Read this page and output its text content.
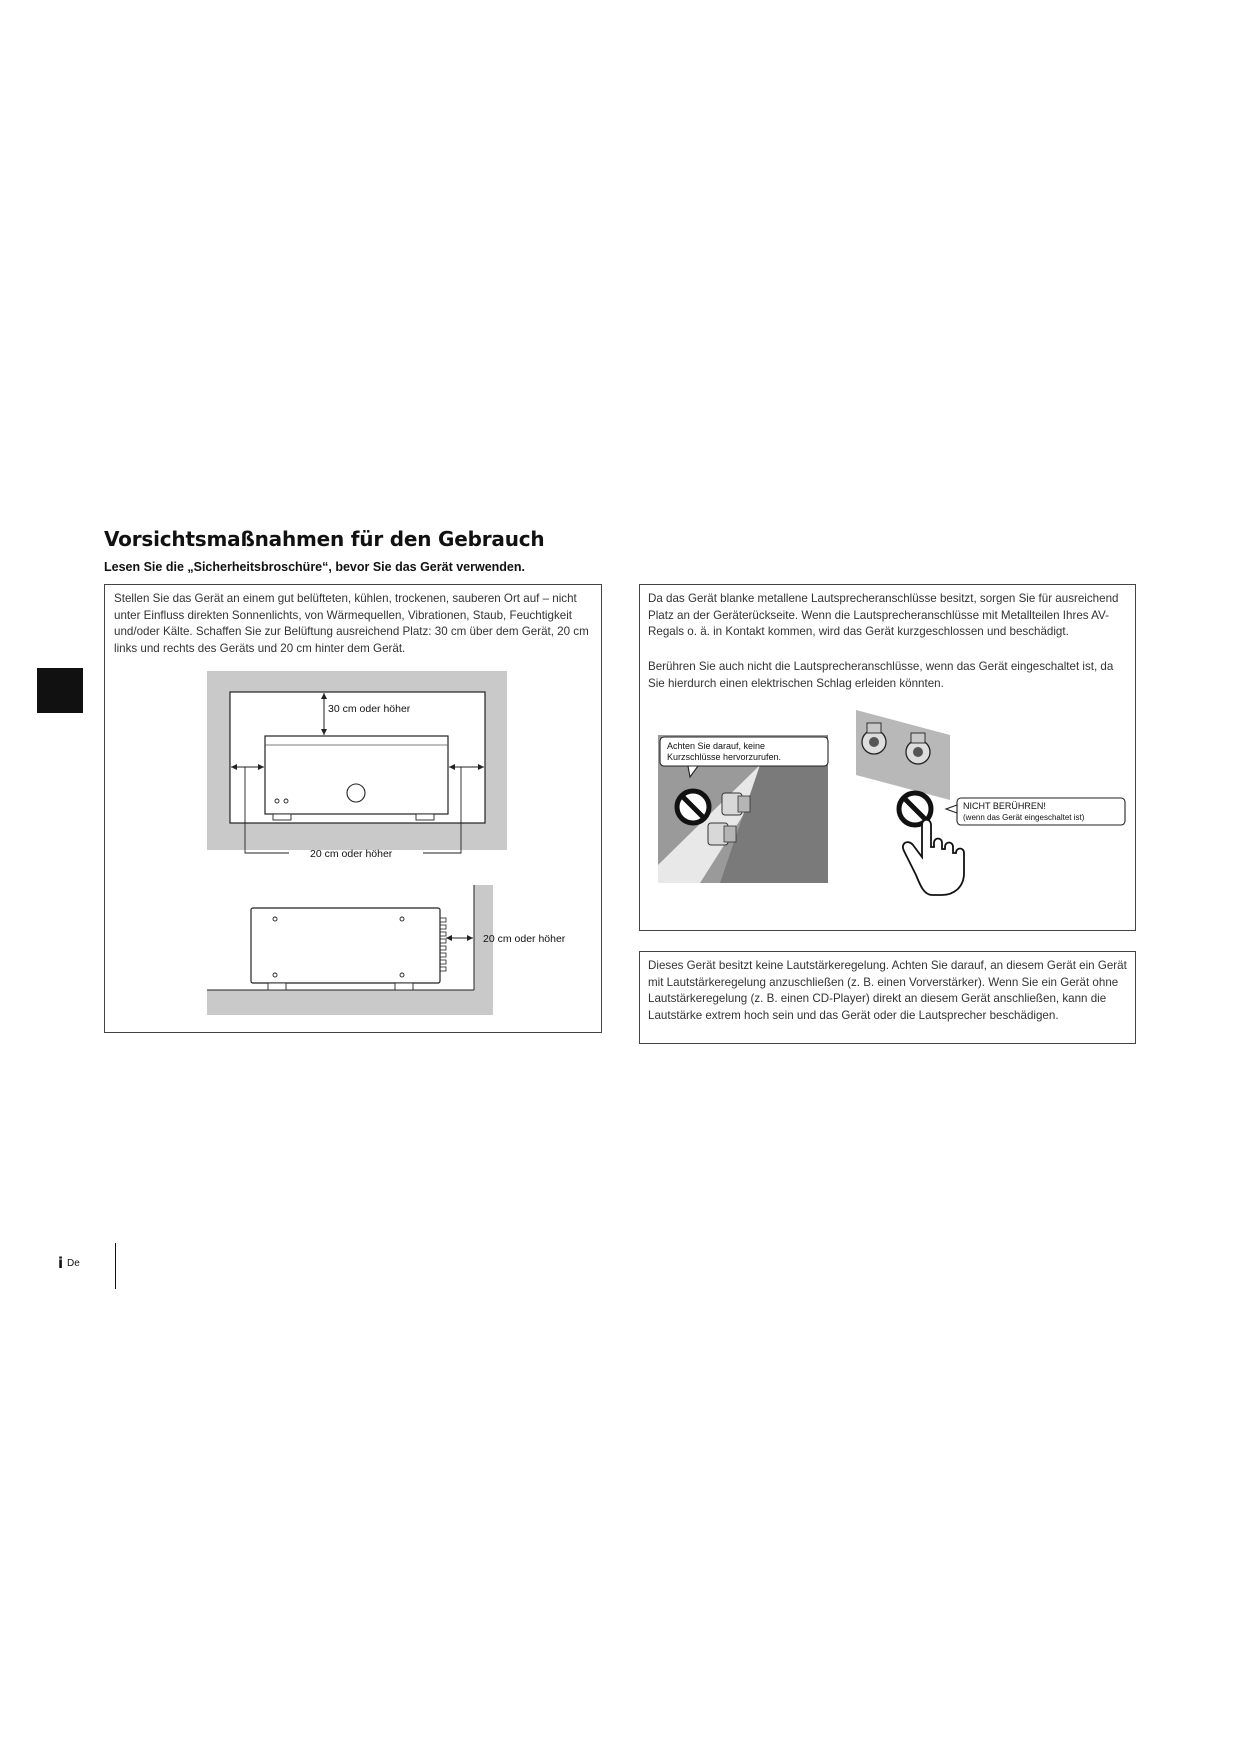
Vorsichtsmaßnahmen für den Gebrauch
Lesen Sie die „Sicherheitsbroschüre“, bevor Sie das Gerät verwenden.

Stellen Sie das Gerät an einem gut belüfteten, kühlen, trockenen, sauberen Ort auf – nicht unter Einfluss direkten Sonnenlichts, von Wärmequellen, Vibrationen, Staub, Feuchtigkeit und/oder Kälte. Schaffen Sie zur Belüftung ausreichend Platz: 30 cm über dem Gerät, 20 cm links und rechts des Geräts und 20 cm hinter dem Gerät.

30 cm oder höher
20 cm oder höher
20 cm oder höher

Da das Gerät blanke metallene Lautsprecheranschlüsse besitzt, sorgen Sie für ausreichend Platz an der Geräterückseite. Wenn die Lautsprecheranschlüsse mit Metallteilen Ihres AV-Regals o. ä. in Kontakt kommen, wird das Gerät kurzgeschlossen und beschädigt.

Berühren Sie auch nicht die Lautsprecheranschlüsse, wenn das Gerät eingeschaltet ist, da Sie hierdurch einen elektrischen Schlag erleiden könnten.

Achten Sie darauf, keine
Kurzschlüsse hervorzurufen.
NICHT BERÜHREN!
(wenn das Gerät eingeschaltet ist)

Dieses Gerät besitzt keine Lautstärkeregelung. Achten Sie darauf, an diesem Gerät ein Gerät mit Lautstärkeregelung anzuschließen (z. B. einen Vorverstärker). Wenn Sie ein Gerät ohne Lautstärkeregelung (z. B. einen CD-Player) direkt an diesem Gerät anschließen, kann die Lautstärke extrem hoch sein und das Gerät oder die Lautsprecher beschädigen.

i De
